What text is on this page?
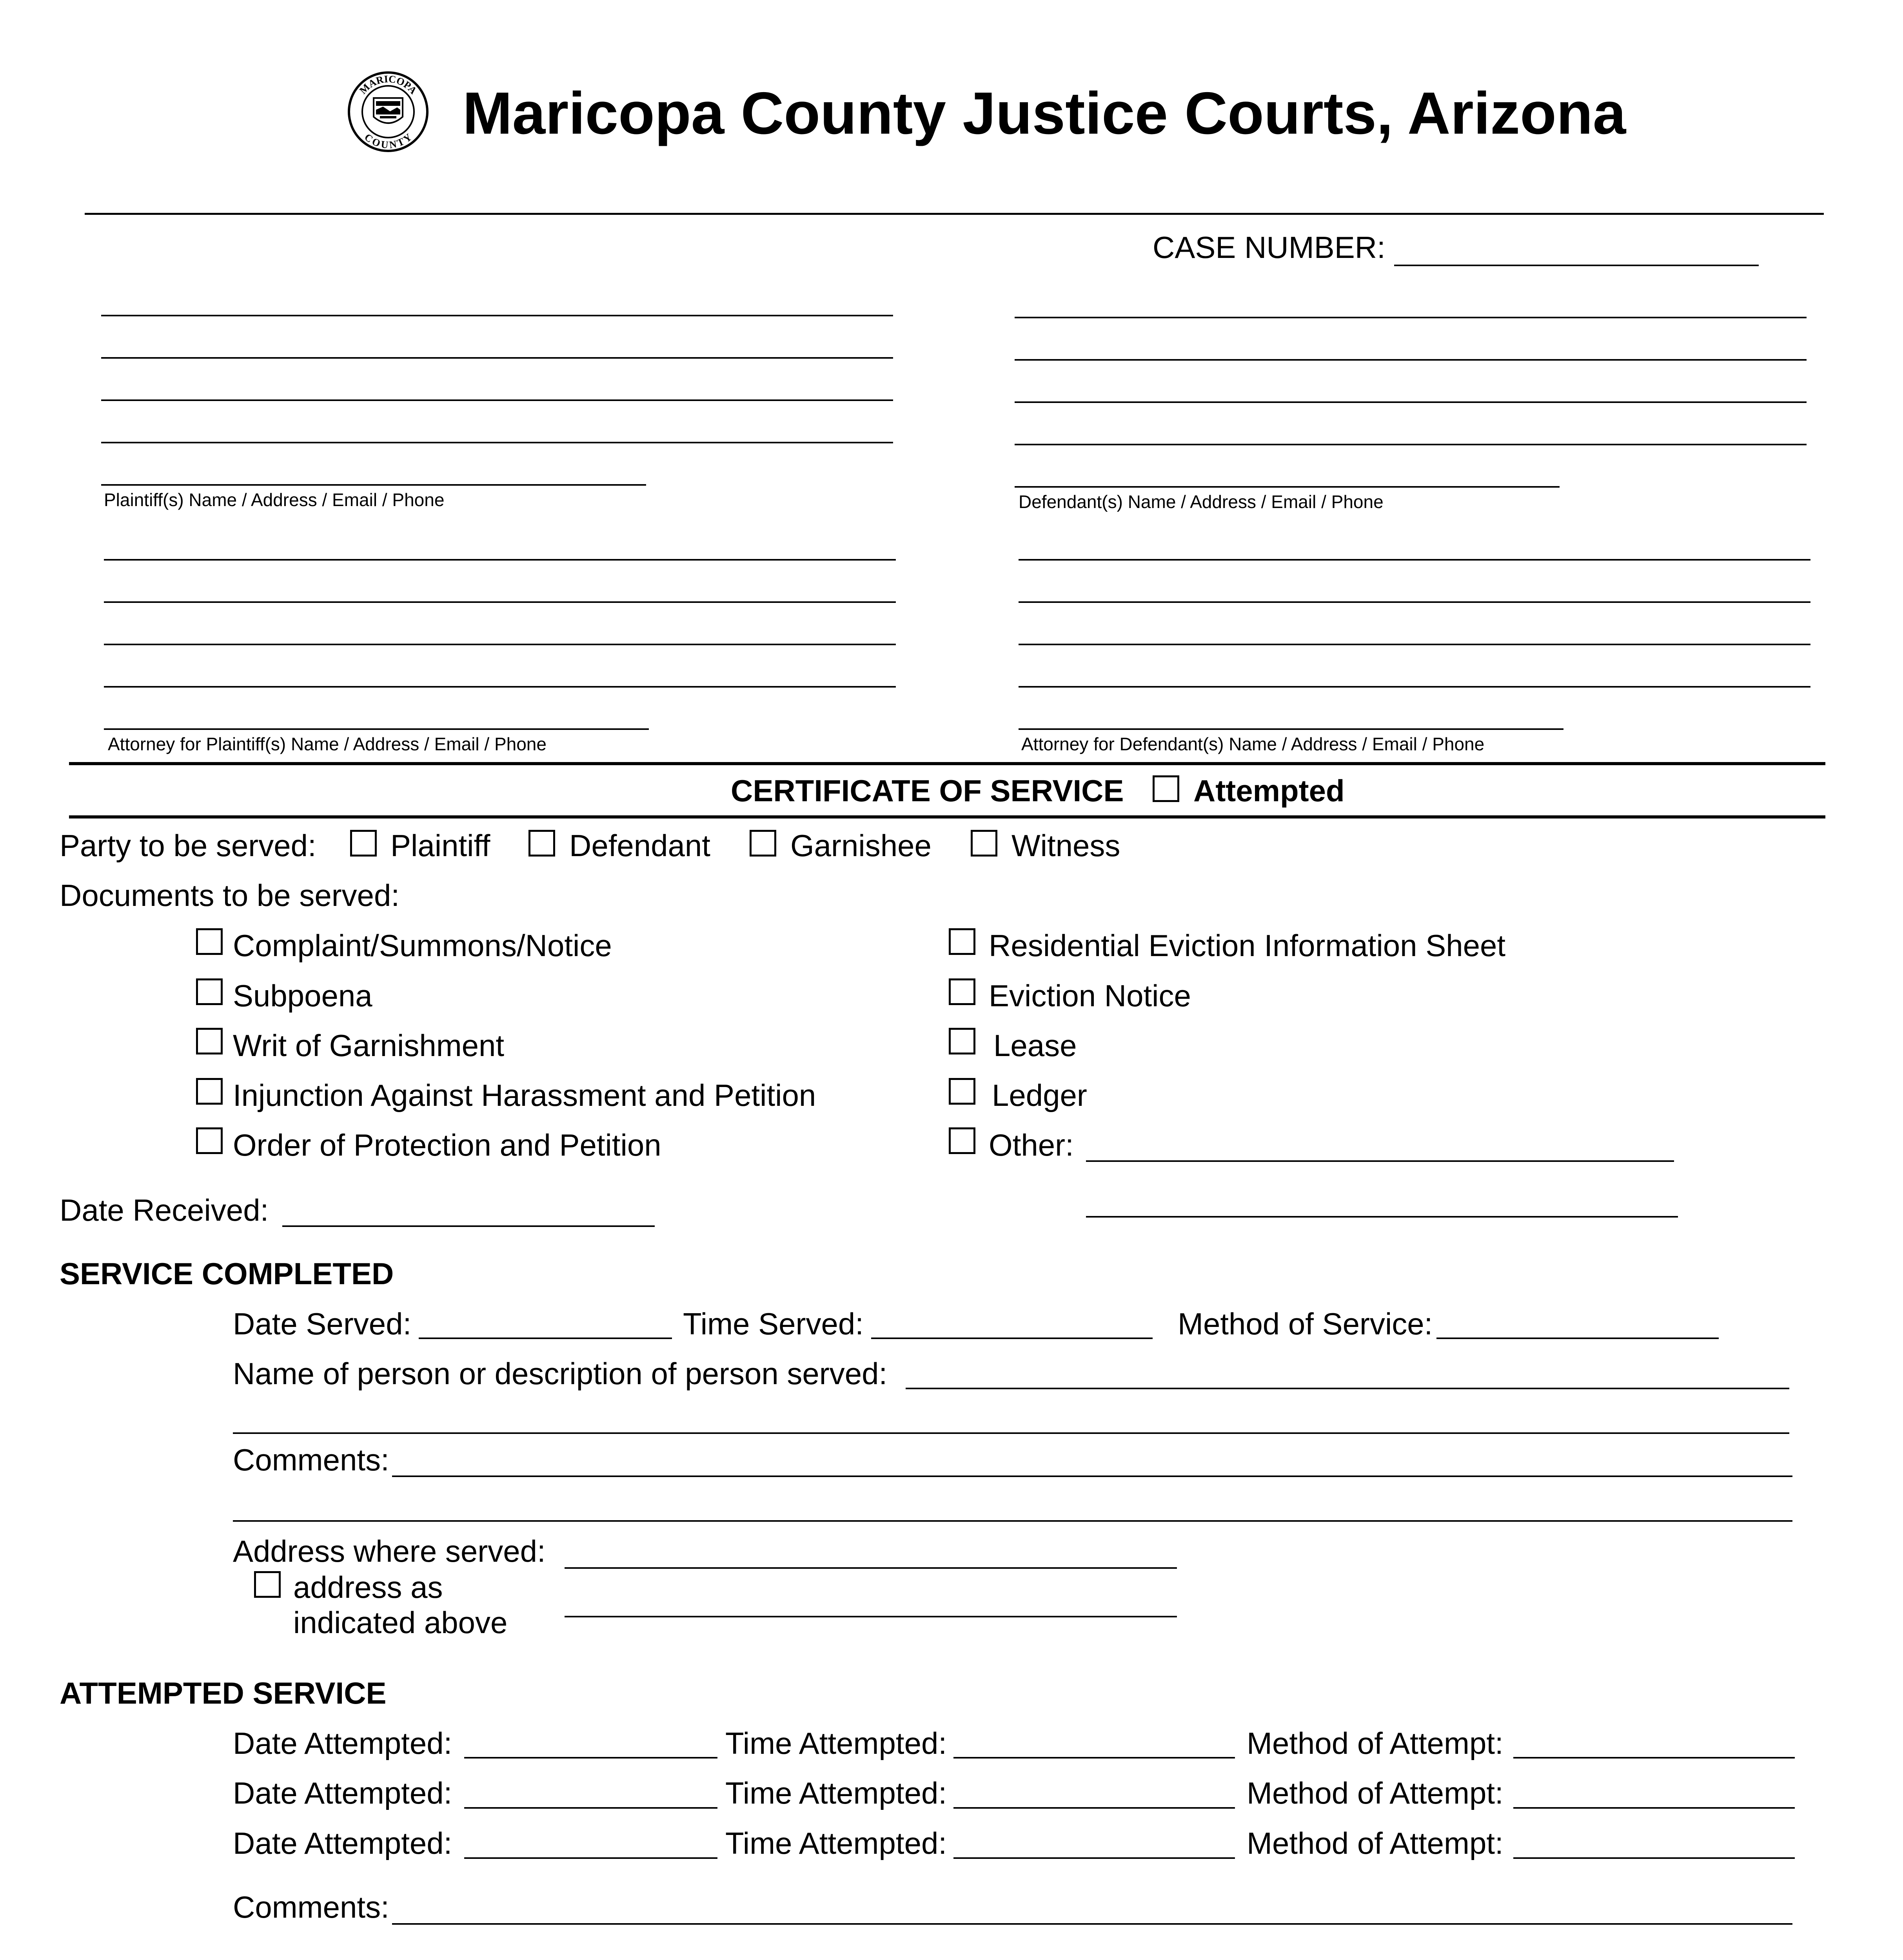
MARICOPA
COUNTY Maricopa County Justice Courts, Arizona
CASE NUMBER:
Plaintiff(s) Name / Address / Email / Phone	Defendant(s) Name / Address / Email / Phone
Attorney for Plaintiff(s) Name / Address / Email / Phone	Attorney for Defendant(s) Name / Address / Email / Phone
CERTIFICATE OF SERVICE Attempted
Party to be served: Plaintiff	Defendant	Garnishee	Witness
Documents to be served:
Complaint/Summons/Notice
Subpoena
Writ of Garnishment
Injunction Against Harassment and Petition
Order of Protection and Petition
Residential Eviction Information Sheet
Eviction Notice
Lease
Ledger
Other:
Date Received:
SERVICE COMPLETED
Date Served:	Time Served:	Method of Service:
Name of person or description of person served:
Comments:
Address where served:
address as
indicated above
ATTEMPTED SERVICE
Date Attempted:	Time Attempted:	Method of Attempt:
Date Attempted:	Time Attempted:	Method of Attempt:
Date Attempted:	Time Attempted:	Method of Attempt:
Comments:
